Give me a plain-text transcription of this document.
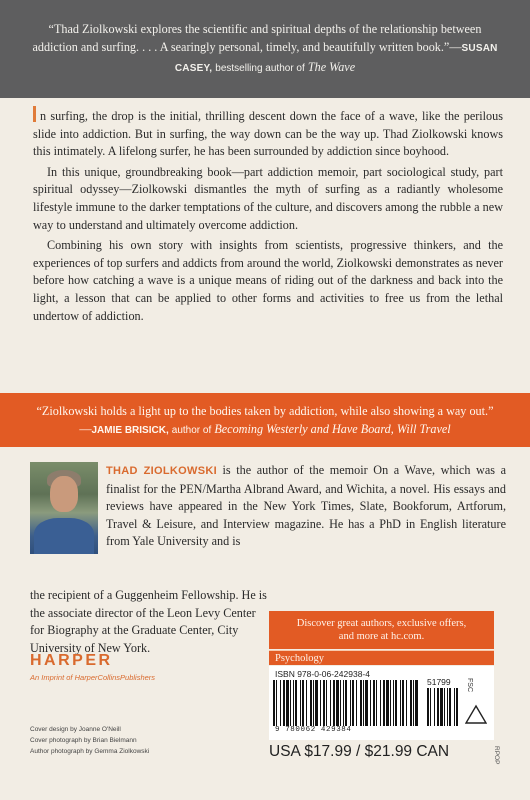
“Thad Ziolkowski explores the scientific and spiritual depths of the relationship between addiction and surfing. . . . A searingly personal, timely, and beautifully written book.”—SUSAN CASEY, bestselling author of The Wave

n surfing, the drop is the initial, thrilling descent down the face of a wave, like the perilous slide into addiction. But in surfing, the way down can be the way up. Thad Ziolkowski knows this intimately. A lifelong surfer, he has been surrounded by addiction since boyhood.

In this unique, groundbreaking book—part addiction memoir, part sociological study, part spiritual odyssey—Ziolkowski dismantles the myth of surfing as a radiantly wholesome lifestyle immune to the darker temptations of the culture, and discovers among the rubble a new way to understand and ultimately overcome addiction.

Combining his own story with insights from scientists, progressive thinkers, and the experiences of top surfers and addicts from around the world, Ziolkowski demonstrates as never before how catching a wave is a unique means of riding out of the darkness and back into the light, a lesson that can be applied to other forms and activities to free us from the lethal undertow of addiction.

“Ziolkowski holds a light up to the bodies taken by addiction, while also showing a way out.” —JAMIE BRISICK, author of Becoming Westerly and Have Board, Will Travel
THAD ZIOLKOWSKI is the author of the memoir On a Wave, which was a finalist for the PEN/Martha Albrand Award, and Wichita, a novel. His essays and reviews have appeared in the New York Times, Slate, Bookforum, Artforum, Travel & Leisure, and Interview magazine. He has a PhD in English literature from Yale University and is
the recipient of a Guggenheim Fellowship. He is the associate director of the Leon Levy Center for Biography at the Graduate Center, City University of New York.
HARPER
An Imprint of HarperCollinsPublishers
Cover design by Joanne O'Neill
Cover photograph by Brian Bielmann
Author photograph by Gemma Ziolkowski
Discover great authors, exclusive offers,
and more at hc.com.
Psychology
ISBN 978-0-06-242938-4
51799 FSC
9 780062 429384
USA $17.99 / $21.99 CAN	RPOP
